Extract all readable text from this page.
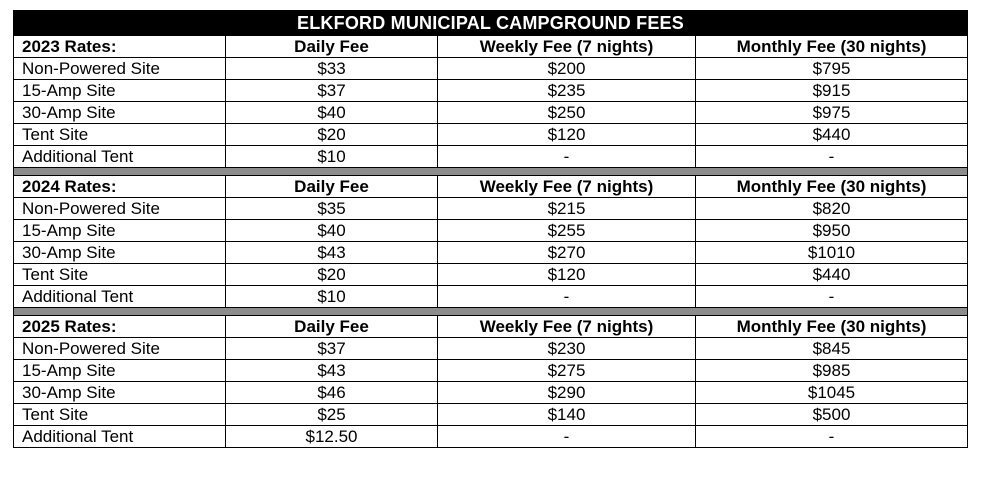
ELKFORD MUNICIPAL CAMPGROUND FEES			
2023 Rates:	Daily Fee	Weekly Fee (7 nights)	Monthly Fee (30 nights)
Non-Powered Site	$33	$200	$795
15-Amp Site	$37	$235	$915
30-Amp Site	$40	$250	$975
Tent Site	$20	$120	$440
Additional Tent	$10	-	-

2024 Rates:	Daily Fee	Weekly Fee (7 nights)	Monthly Fee (30 nights)
Non-Powered Site	$35	$215	$820
15-Amp Site	$40	$255	$950
30-Amp Site	$43	$270	$1010
Tent Site	$20	$120	$440
Additional Tent	$10	-	-

2025 Rates:	Daily Fee	Weekly Fee (7 nights)	Monthly Fee (30 nights)
Non-Powered Site	$37	$230	$845
15-Amp Site	$43	$275	$985
30-Amp Site	$46	$290	$1045
Tent Site	$25	$140	$500
Additional Tent	$12.50	-	-
